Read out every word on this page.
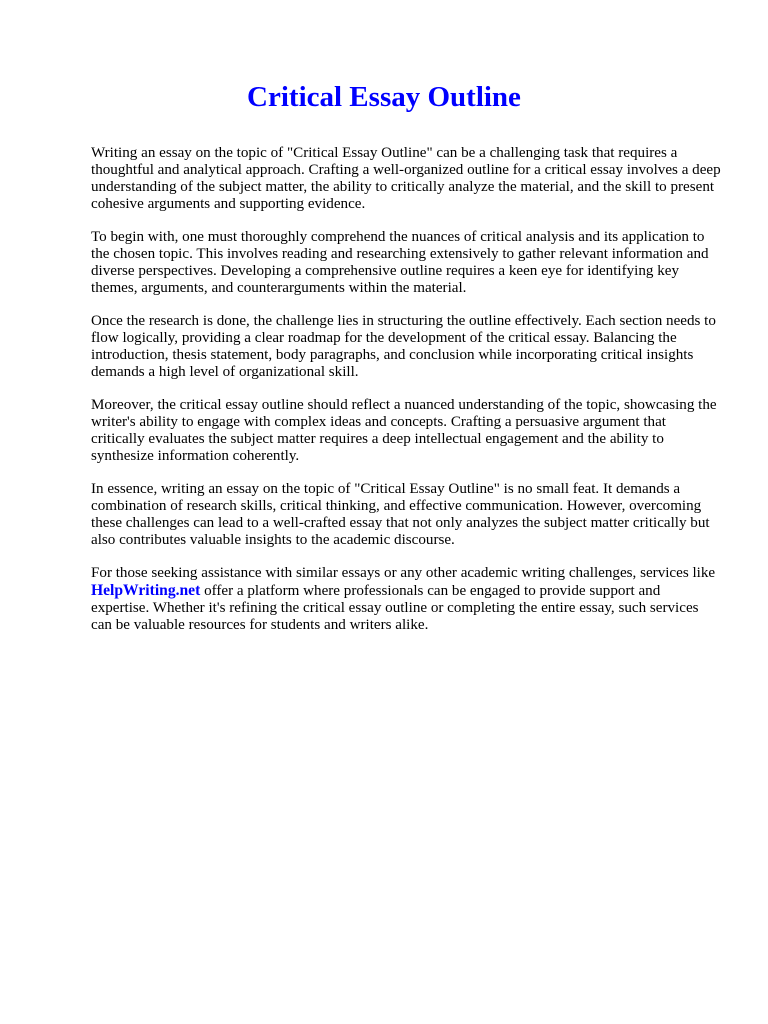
Critical Essay Outline

Writing an essay on the topic of "Critical Essay Outline" can be a challenging task that requires a thoughtful and analytical approach. Crafting a well-organized outline for a critical essay involves a deep understanding of the subject matter, the ability to critically analyze the material, and the skill to present cohesive arguments and supporting evidence.

To begin with, one must thoroughly comprehend the nuances of critical analysis and its application to the chosen topic. This involves reading and researching extensively to gather relevant information and diverse perspectives. Developing a comprehensive outline requires a keen eye for identifying key themes, arguments, and counterarguments within the material.

Once the research is done, the challenge lies in structuring the outline effectively. Each section needs to flow logically, providing a clear roadmap for the development of the critical essay. Balancing the introduction, thesis statement, body paragraphs, and conclusion while incorporating critical insights demands a high level of organizational skill.

Moreover, the critical essay outline should reflect a nuanced understanding of the topic, showcasing the writer's ability to engage with complex ideas and concepts. Crafting a persuasive argument that critically evaluates the subject matter requires a deep intellectual engagement and the ability to synthesize information coherently.

In essence, writing an essay on the topic of "Critical Essay Outline" is no small feat. It demands a combination of research skills, critical thinking, and effective communication. However, overcoming these challenges can lead to a well-crafted essay that not only analyzes the subject matter critically but also contributes valuable insights to the academic discourse.

For those seeking assistance with similar essays or any other academic writing challenges, services like HelpWriting.net offer a platform where professionals can be engaged to provide support and expertise. Whether it's refining the critical essay outline or completing the entire essay, such services can be valuable resources for students and writers alike.
